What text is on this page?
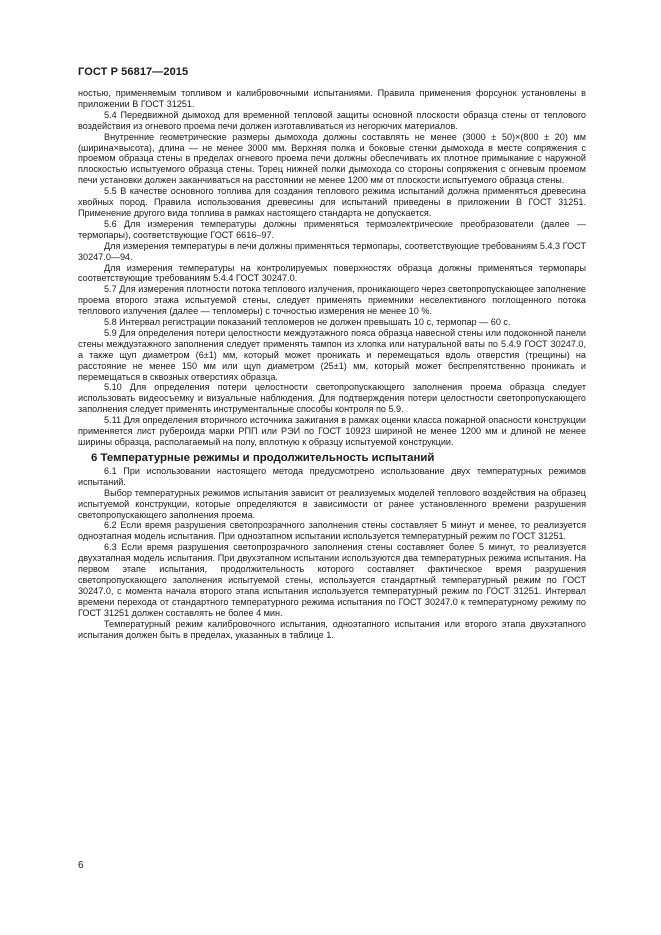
ГОСТ Р 56817—2015

ностью, применяемым топливом и калибровочными испытаниями. Правила применения форсунок установлены в приложении В ГОСТ 31251.

5.4 Передвижной дымоход для временной тепловой защиты основной плоскости образца стены от теплового воздействия из огневого проема печи должен изготавливаться из негорючих материалов.

Внутренние геометрические размеры дымохода должны составлять не менее (3000 ± 50)×(800 ± 20) мм (ширина×высота), длина — не менее 3000 мм. Верхняя полка и боковые стенки дымохода в месте сопряжения с проемом образца стены в пределах огневого проема печи должны обеспечивать их плотное примыкание с наружной плоскостью испытуемого образца стены. Торец нижней полки дымохода со стороны сопряжения с огневым проемом печи установки должен заканчиваться на расстоянии не менее 1200 мм от плоскости испытуемого образца стены.

5.5 В качестве основного топлива для создания теплового режима испытаний должна применяться древесина хвойных пород. Правила использования древесины для испытаний приведены в приложении В ГОСТ 31251. Применение другого вида топлива в рамках настоящего стандарта не допускается.

5.6 Для измерения температуры должны применяться термоэлектрические преобразователи (далее — термопары), соответствующие ГОСТ 6616–97.

Для измерения температуры в печи должны применяться термопары, соответствующие требованиям 5.4.3 ГОСТ 30247.0—94.

Для измерения температуры на контролируемых поверхностях образца должны применяться термопары соответствующие требованиям 5.4.4 ГОСТ 30247.0.

5.7 Для измерения плотности потока теплового излучения, проникающего через светопропускающее заполнение проема второго этажа испытуемой стены, следует применять приемники неселективного поглощенного потока теплового излучения (далее — тепломеры) с точностью измерения не менее 10 %.

5.8 Интервал регистрации показаний тепломеров не должен превышать 10 с, термопар — 60 с.

5.9 Для определения потери целостности междуэтажного пояса образца навесной стены или подоконной панели стены междуэтажного заполнения следует применять тампон из хлопка или натуральной ваты по 5.4.9 ГОСТ 30247.0, а также щуп диаметром (6±1) мм, который может проникать и перемещаться вдоль отверстия (трещины) на расстояние не менее 150 мм или щуп диаметром (25±1) мм, который может беспрепятственно проникать и перемещаться в сквозных отверстиях образца.

5.10 Для определения потери целостности светопропускающего заполнения проема образца следует использовать видеосъемку и визуальные наблюдения. Для подтверждения потери целостности светопропускающего заполнения следует применять инструментальные способы контроля по 5.9.

5.11 Для определения вторичного источника зажигания в рамках оценки класса пожарной опасности конструкции применяется лист рубероида марки РПП или РЭИ по ГОСТ 10923 шириной не менее 1200 мм и длиной не менее ширины образца, располагаемый на полу, вплотную к образцу испытуемой конструкции.

6 Температурные режимы и продолжительность испытаний

6.1 При использовании настоящего метода предусмотрено использование двух температурных режимов испытаний.

Выбор температурных режимов испытания зависит от реализуемых моделей теплового воздействия на образец испытуемой конструкции, которые определяются в зависимости от ранее установленного времени разрушения светопропускающего заполнения проема.

6.2 Если время разрушения светопрозрачного заполнения стены составляет 5 минут и менее, то реализуется одноэтапная модель испытания. При одноэтапном испытании используется температурный режим по ГОСТ 31251.

6.3 Если время разрушения светопрозрачного заполнения стены составляет более 5 минут, то реализуется двухэтапная модель испытания. При двухэтапном испытании используются два температурных режима испытания. На первом этапе испытания, продолжительность которого составляет фактическое время разрушения светопропускающего заполнения испытуемой стены, используется стандартный температурный режим по ГОСТ 30247.0, с момента начала второго этапа испытания используется температурный режим по ГОСТ 31251. Интервал времени перехода от стандартного температурного режима испытания по ГОСТ 30247.0 к температурному режиму по ГОСТ 31251 должен составлять не более 4 мин.

Температурный режим калибровочного испытания, одноэтапного испытания или второго этапа двухэтапного испытания должен быть в пределах, указанных в таблице 1.

6
